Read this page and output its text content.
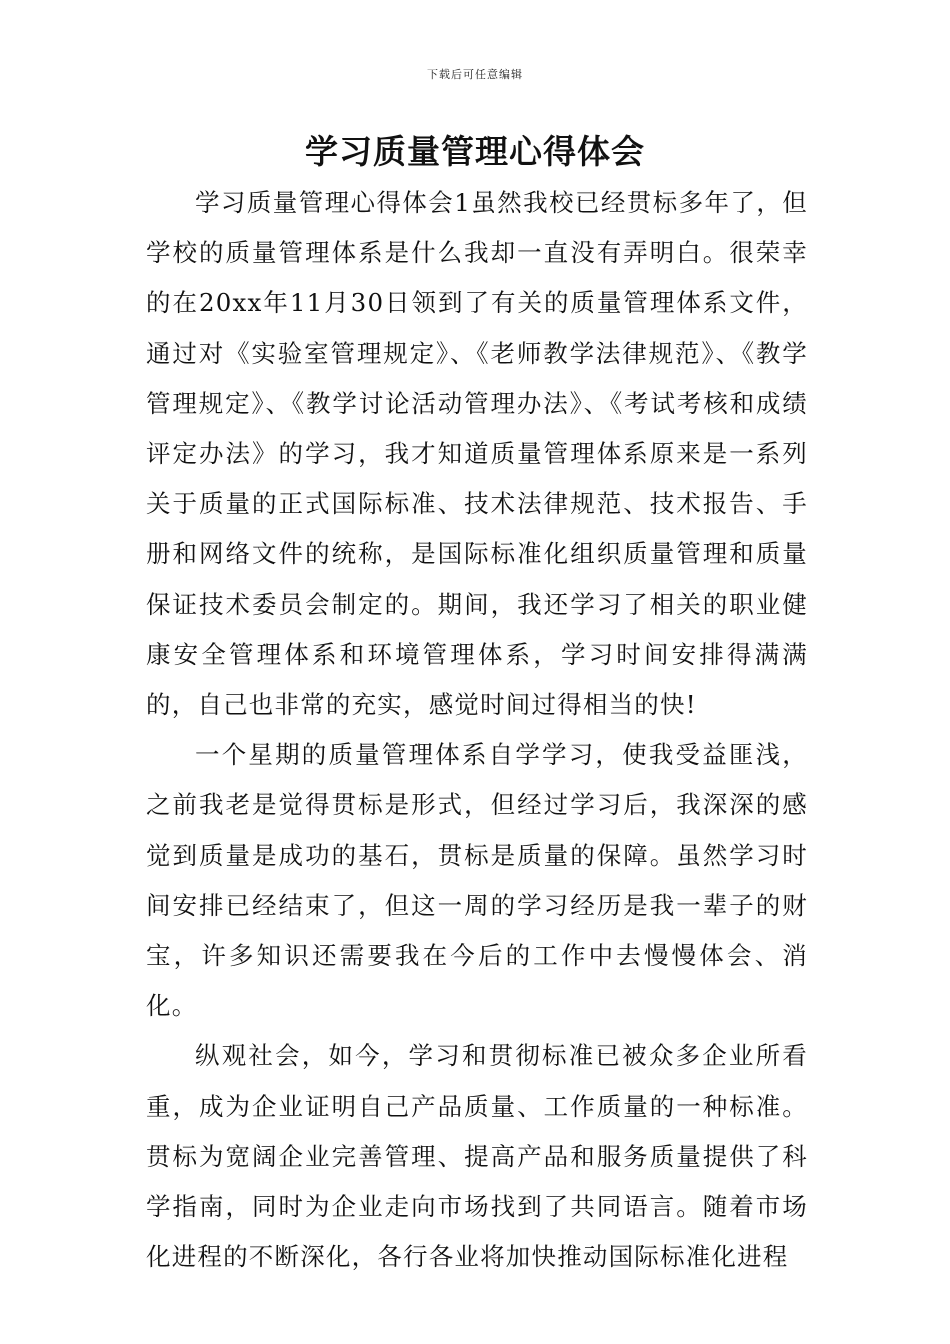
下载后可任意编辑
学习质量管理心得体会

学习质量管理心得体会1虽然我校已经贯标多年了，但学校的质量管理体系是什么我却一直没有弄明白。很荣幸的在20xx年11月30日领到了有关的质量管理体系文件，通过对《实验室管理规定》、《老师教学法律规范》、《教学管理规定》、《教学讨论活动管理办法》、《考试考核和成绩评定办法》的学习，我才知道质量管理体系原来是一系列关于质量的正式国际标准、技术法律规范、技术报告、手册和网络文件的统称，是国际标准化组织质量管理和质量保证技术委员会制定的。期间，我还学习了相关的职业健康安全管理体系和环境管理体系，学习时间安排得满满的，自己也非常的充实，感觉时间过得相当的快!

一个星期的质量管理体系自学学习，使我受益匪浅，之前我老是觉得贯标是形式，但经过学习后，我深深的感觉到质量是成功的基石，贯标是质量的保障。虽然学习时间安排已经结束了，但这一周的学习经历是我一辈子的财宝，许多知识还需要我在今后的工作中去慢慢体会、消化。

纵观社会，如今，学习和贯彻标准已被众多企业所看重，成为企业证明自己产品质量、工作质量的一种标准。贯标为宽阔企业完善管理、提高产品和服务质量提供了科学指南，同时为企业走向市场找到了共同语言。随着市场化进程的不断深化，各行各业将加快推动国际标准化进程
